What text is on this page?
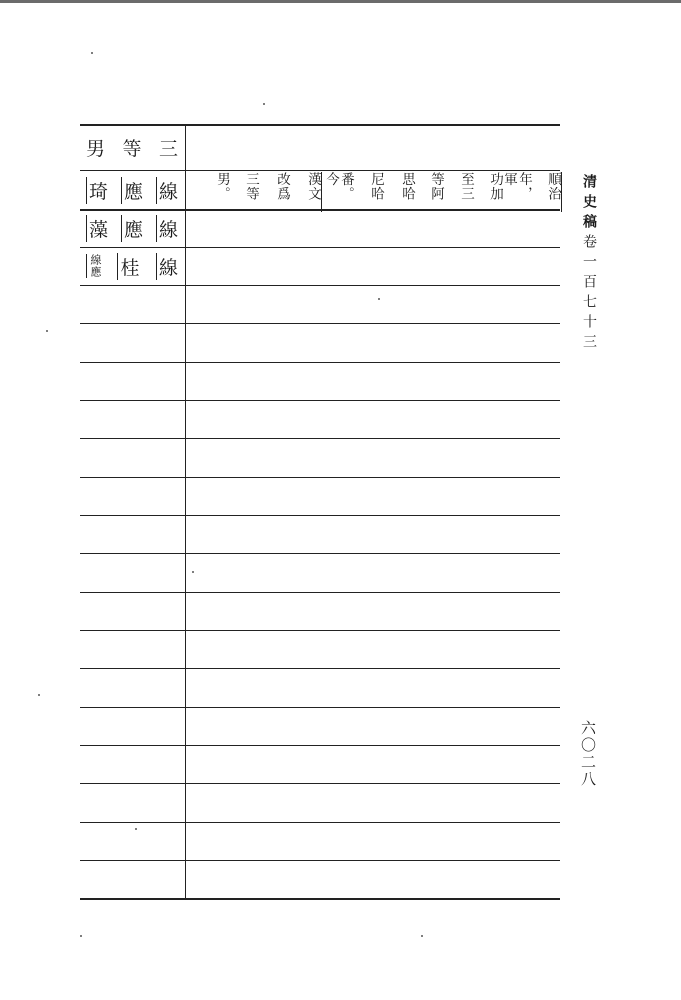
男 等 三
琦 應 線
藻 應 線
線應 桂 線
順治
年，軍
功加
至三
等阿
思哈
尼哈
番。今
漢文
改爲
三等
男。	清史稿卷一百七十三
六〇二八
